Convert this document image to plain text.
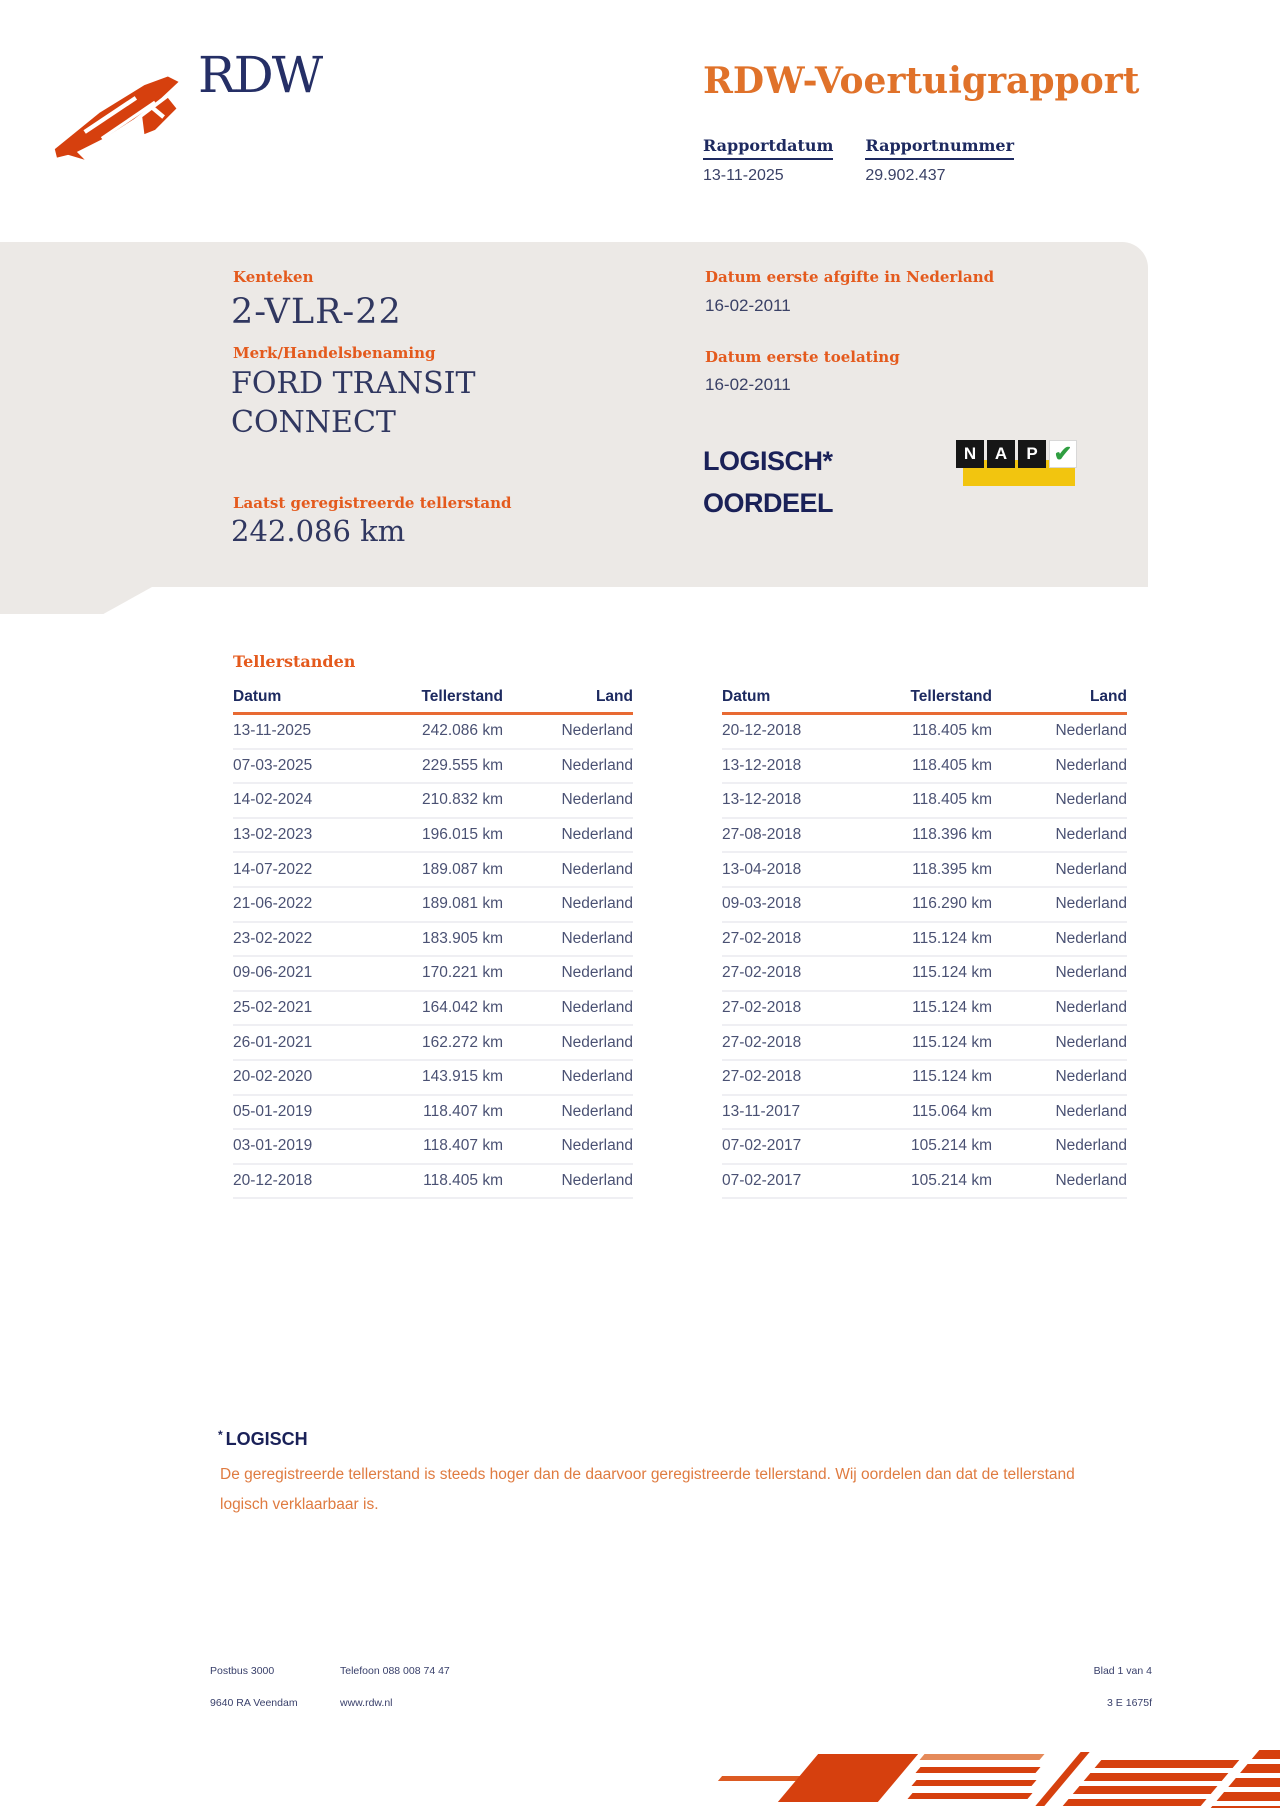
RDW	RDW-Voertuigrapport
Rapportdatum
13-11-2025
Rapportnummer
29.902.437
Kenteken
2-VLR-22
Merk/Handelsbenaming
FORD TRANSIT CONNECT
Laatst geregistreerde tellerstand
242.086 km
Datum eerste afgifte in Nederland
16-02-2011
Datum eerste toelating
16-02-2011
LOGISCH*
OORDEEL
N	A	P ✔
Tellerstanden
Datum	Tellerstand	Land
13-11-2025	242.086 km	Nederland
07-03-2025	229.555 km	Nederland
14-02-2024	210.832 km	Nederland
13-02-2023	196.015 km	Nederland
14-07-2022	189.087 km	Nederland
21-06-2022	189.081 km	Nederland
23-02-2022	183.905 km	Nederland
09-06-2021	170.221 km	Nederland
25-02-2021	164.042 km	Nederland
26-01-2021	162.272 km	Nederland
20-02-2020	143.915 km	Nederland
05-01-2019	118.407 km	Nederland
03-01-2019	118.407 km	Nederland
20-12-2018	118.405 km	Nederland
Datum	Tellerstand	Land
20-12-2018	118.405 km	Nederland
13-12-2018	118.405 km	Nederland
13-12-2018	118.405 km	Nederland
27-08-2018	118.396 km	Nederland
13-04-2018	118.395 km	Nederland
09-03-2018	116.290 km	Nederland
27-02-2018	115.124 km	Nederland
27-02-2018	115.124 km	Nederland
27-02-2018	115.124 km	Nederland
27-02-2018	115.124 km	Nederland
27-02-2018	115.124 km	Nederland
13-11-2017	115.064 km	Nederland
07-02-2017	105.214 km	Nederland
07-02-2017	105.214 km	Nederland
* LOGISCH
De geregistreerde tellerstand is steeds hoger dan de daarvoor geregistreerde tellerstand. Wij oordelen dan dat de tellerstand logisch verklaarbaar is.
Postbus 3000
9640 RA Veendam
Telefoon 088 008 74 47
www.rdw.nl
Blad 1 van 4
3 E 1675f
